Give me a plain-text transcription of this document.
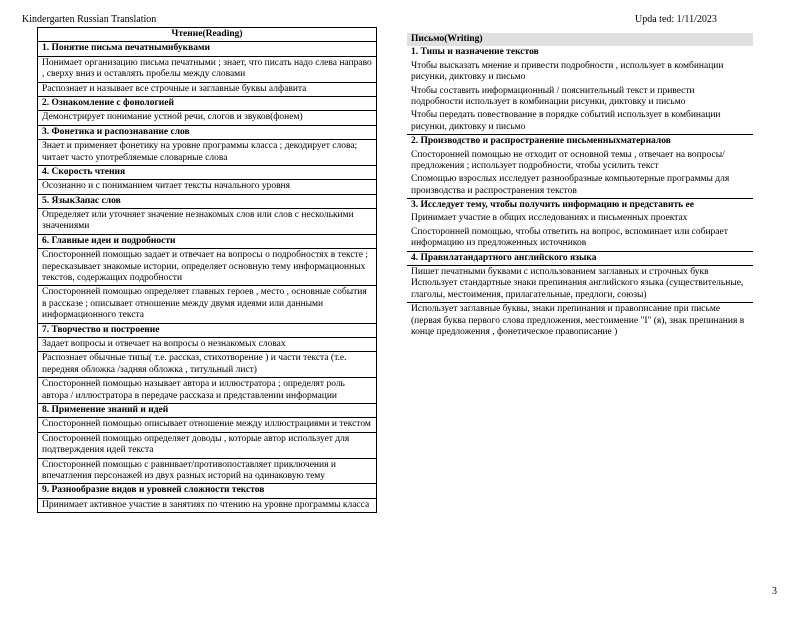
Kindergarten Russian Translation	Upda ted: 1/11/2023
Чтение(Reading)
1. Понятие письма печатнымибуквами
Понимает организацию письма печатными ; знает, что писать надо слева направо , сверху вниз и оставлять пробелы между словами
Распознает и называет все строчные и заглавные буквы алфавита
2. Ознакомление с фонологией
Демонстрирует понимание устной речи, слогов и звуков(фонем)
3. Фонетика и распознавание слов
Знает и применяет фонетику на уровне программы класса ; декодирует слова; читает часто употребляемые словарные слова
4. Скорость чтения
Осознанно и с пониманием читает тексты начального уровня
5. ЯзыкЗапас слов
Определяет или уточняет значение незнакомых слов или слов с несколькими значениями
6. Главные идеи и подробности
Спосторонней помощью задает и отвечает на вопросы о подробностях в тексте ; пересказывает знакомые истории, определяет основную тему информационных текстов, содержащих подробности
Спосторонней помощью определяет главных героев , место , основные события в рассказе ; описывает отношение между двумя идеями или данными информационного текста
7. Творчество и построение
Задает вопросы и отвечает на вопросы о незнакомых словах
Распознает обычные типы( т.е. рассказ, стихотворение ) и части текста (т.е. передняя обложка /задняя обложка , титульный лист)
Спосторонней помощью называет автора и иллюстратора ; определят роль автора / иллюстратора в передаче рассказа и представлении информации
8. Применение знаний и идей
Спосторонней помощью описывает отношение между иллюстрациями и текстом
Спосторонней помощью определяет доводы , которые автор использует для подтверждения идей текста
Спосторонней помощью с равнивает/противопоставляет приключения и впечатления персонажей из двух разных историй на одинаковую тему
9. Разнообразие видов и уровней сложности текстов
Принимает активное участие в занятиях по чтению на уровне программы класса
Письмо(Writing)
1. Типы и назначение текстов
Чтобы высказать мнение и привести подробности , использует в комбинации рисунки, диктовку и письмо
Чтобы составить информационный / пояснительный текст и привести подробности использует в комбинации рисунки, диктовку и письмо
Чтобы передать повествование в порядке событий использует в комбинации рисунки, диктовку и письмо
2. Производство и распространение письменныхматериалов
Спосторонней помощью не отходит от основной темы , отвечает на вопросы/ предложения ; использует подробности, чтобы усилить текст
Спомощью взрослых исследует разнообразные компьютерные программы для производства и распространения текстов
3. Исследует тему, чтобы получить информацию и представить ее
Принимает участие в общих исследованиях и письменных проектах
Спосторонней помощью, чтобы ответить на вопрос, вспоминает или собирает информацию из предложенных источников
4. Правилатандартного английского языка
Пишет печатными буквами с использованием заглавных и строчных букв Использует стандартные знаки препинания английского языка (существительные, глаголы, местоимения, прилагательные, предлоги, союзы)
Использует заглавные буквы, знаки препинания и правописание при письме (первая буква первого слова предложения, местоимение "I" (я), знак препинания в конце предложения , фонетическое правописание )
3
